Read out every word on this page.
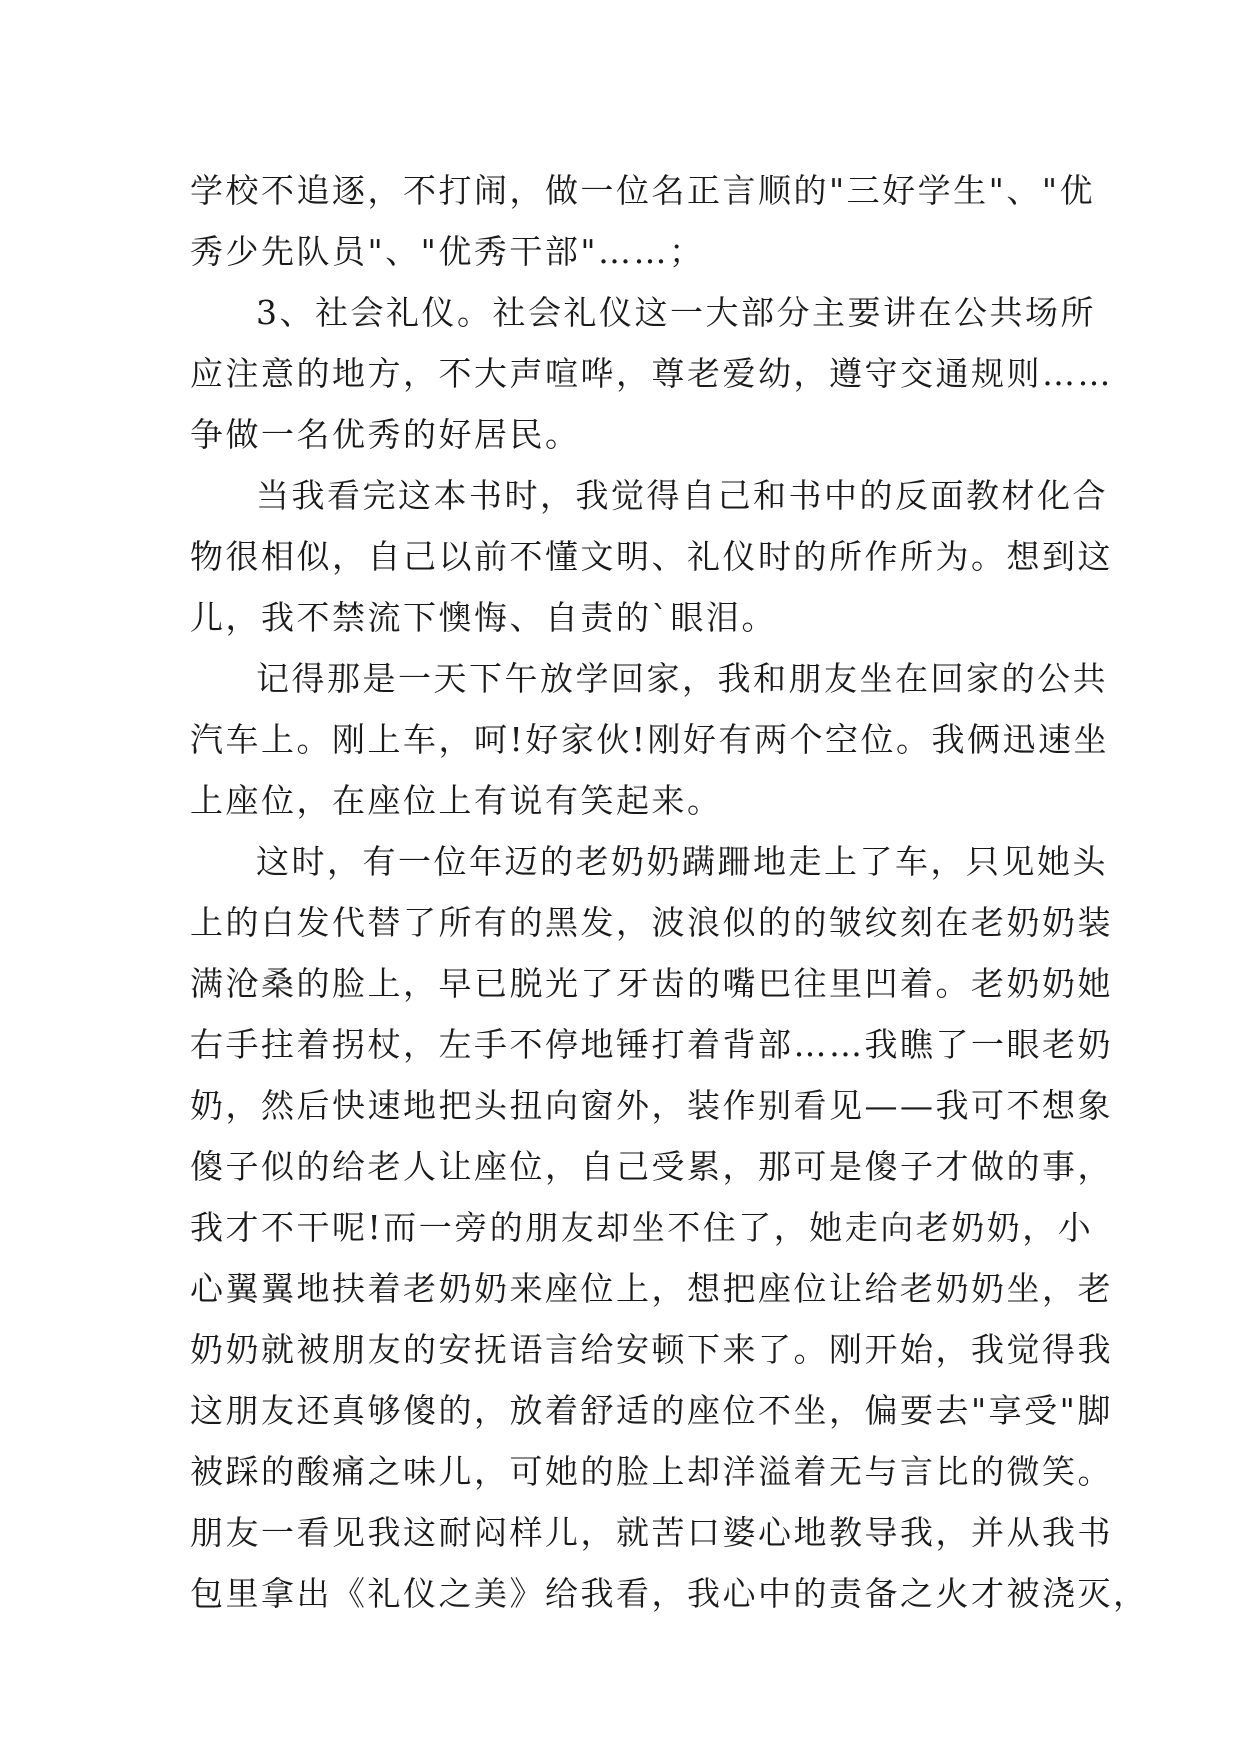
学校不追逐，不打闹，做一位名正言顺的"三好学生"、"优
秀少先队员"、"优秀干部"……；
3、社会礼仪。社会礼仪这一大部分主要讲在公共场所
应注意的地方，不大声喧哗，尊老爱幼，遵守交通规则……
争做一名优秀的好居民。
当我看完这本书时，我觉得自己和书中的反面教材化合
物很相似，自己以前不懂文明、礼仪时的所作所为。想到这
儿，我不禁流下懊悔、自责的`眼泪。
记得那是一天下午放学回家，我和朋友坐在回家的公共
汽车上。刚上车，呵!好家伙!刚好有两个空位。我俩迅速坐
上座位，在座位上有说有笑起来。
这时，有一位年迈的老奶奶蹒跚地走上了车，只见她头
上的白发代替了所有的黑发，波浪似的的皱纹刻在老奶奶装
满沧桑的脸上，早已脱光了牙齿的嘴巴往里凹着。老奶奶她
右手拄着拐杖，左手不停地锤打着背部……我瞧了一眼老奶
奶，然后快速地把头扭向窗外，装作别看见——我可不想象
傻子似的给老人让座位，自己受累，那可是傻子才做的事，
我才不干呢!而一旁的朋友却坐不住了，她走向老奶奶，小
心翼翼地扶着老奶奶来座位上，想把座位让给老奶奶坐，老
奶奶就被朋友的安抚语言给安顿下来了。刚开始，我觉得我
这朋友还真够傻的，放着舒适的座位不坐，偏要去"享受"脚
被踩的酸痛之味儿，可她的脸上却洋溢着无与言比的微笑。
朋友一看见我这耐闷样儿，就苦口婆心地教导我，并从我书
包里拿出《礼仪之美》给我看，我心中的责备之火才被浇灭，
